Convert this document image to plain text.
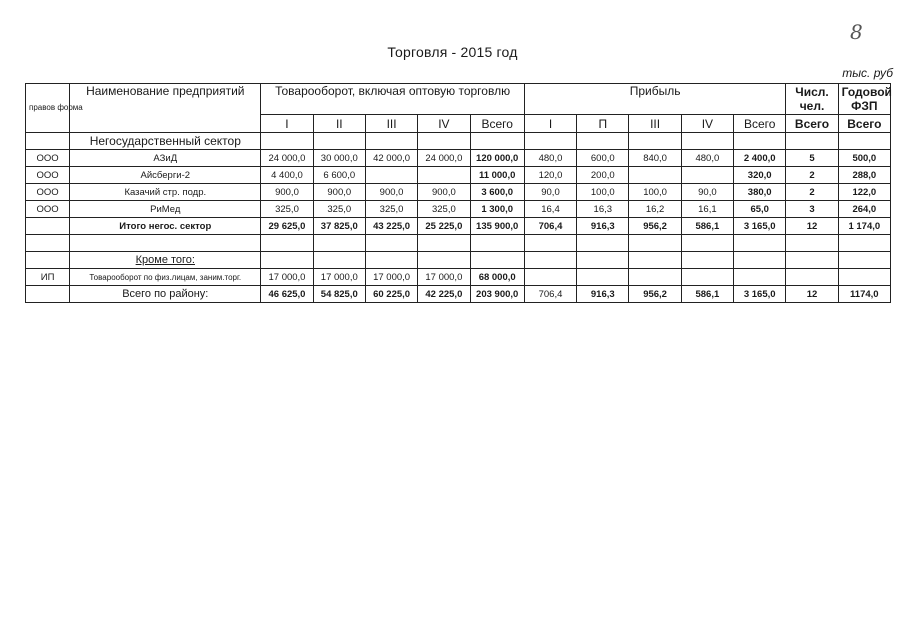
8
Торговля - 2015 год
тыс. руб
правов форма	Наименование предприятий	Товарооборот, включая оптовую торговлю					Прибыль					Числ. чел.	Годовой ФЗП
		I	II	III	IV	Всего	I	П	III	IV	Всего	Всего	Всего
	Негосударственный сектор												
ООО	АЗиД	24 000,0	30 000,0	42 000,0	24 000,0	120 000,0	480,0	600,0	840,0	480,0	2 400,0	5	500,0
ООО	Айсберги-2	4 400,0	6 600,0			11 000,0	120,0	200,0			320,0	2	288,0
ООО	Казачий стр. подр.	900,0	900,0	900,0	900,0	3 600,0	90,0	100,0	100,0	90,0	380,0	2	122,0
ООО	РиМед	325,0	325,0	325,0	325,0	1 300,0	16,4	16,3	16,2	16,1	65,0	3	264,0
	Итого негос. сектор	29 625,0	37 825,0	43 225,0	25 225,0	135 900,0	706,4	916,3	956,2	586,1	3 165,0	12	1 174,0

	Кроме того:												
ИП	Товарооборот по физ.лицам, заним.торг.	17 000,0	17 000,0	17 000,0	17 000,0	68 000,0							
	Всего по району:	46 625,0	54 825,0	60 225,0	42 225,0	203 900,0	706,4	916,3	956,2	586,1	3 165,0	12	1174,0
